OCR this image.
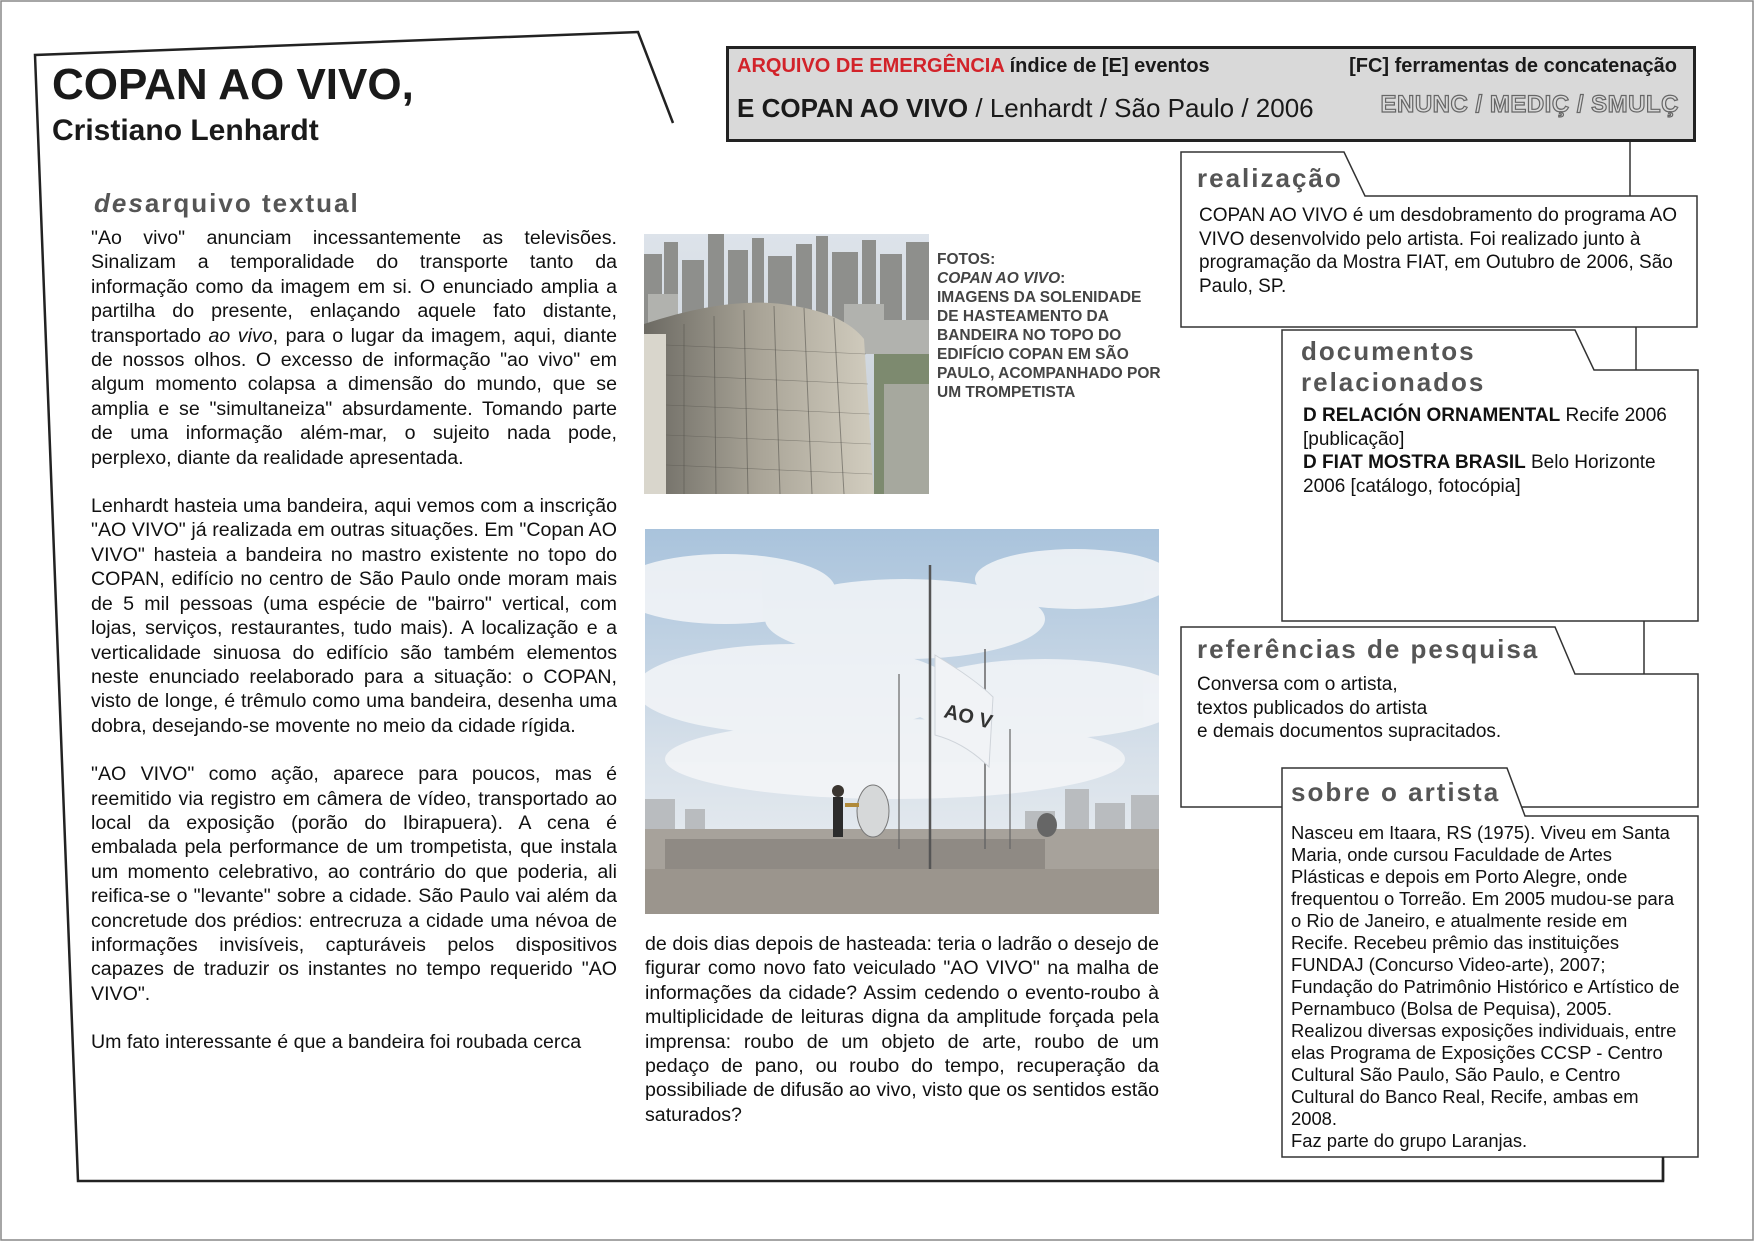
COPAN AO VIVO,
Cristiano Lenhardt
ARQUIVO DE EMERGÊNCIA índice de [E] eventos	[FC] ferramentas de concatenação
E COPAN AO VIVO / Lenhardt / São Paulo / 2006	ENUNC / MEDIÇ / SMULÇ
desarquivo textual

"Ao vivo" anunciam incessantemente as televisões. Sinalizam a temporalidade do transporte tanto da informação como da imagem em si. O enunciado amplia a partilha do presente, enlaçando aquele fato distante, transportado ao vivo, para o lugar da imagem, aqui, diante de nossos olhos. O excesso de informação "ao vivo" em algum momento colapsa a dimensão do mundo, que se amplia e se "simultaneiza" absurdamente. Tomando parte de uma informação além-mar, o sujeito nada pode, perplexo, diante da realidade apresentada.

Lenhardt hasteia uma bandeira, aqui vemos com a inscrição "AO VIVO" já realizada em outras situações. Em "Copan AO VIVO" hasteia a bandeira no mastro existente no topo do COPAN, edifício no centro de São Paulo onde moram mais de 5 mil pessoas (uma espécie de "bairro" vertical, com lojas, serviços, restaurantes, tudo mais). A localização e a verticalidade sinuosa do edifício são também elementos neste enunciado reelaborado para a situação: o COPAN, visto de longe, é trêmulo como uma bandeira, desenha uma dobra, desejando-se movente no meio da cidade rígida.

"AO VIVO" como ação, aparece para poucos, mas é reemitido via registro em câmera de vídeo, transportado ao local da exposição (porão do Ibirapuera). A cena é embalada pela performance de um trompetista, que instala um momento celebrativo, ao contrário do que poderia, ali reifica-se o "levante" sobre a cidade. São Paulo vai além da concretude dos prédios: entrecruza a cidade uma névoa de informações invisíveis, capturáveis pelos dispositivos capazes de traduzir os instantes no tempo requerido "AO VIVO".

Um fato interessante é que a bandeira foi roubada cerca

FOTOS:
COPAN AO VIVO:
IMAGENS DA SOLENIDADE DE HASTEAMENTO DA BANDEIRA NO TOPO DO EDIFÍCIO COPAN EM SÃO PAULO, ACOMPANHADO POR UM TROMPETISTA
AO V

de dois dias depois de hasteada: teria o ladrão o desejo de figurar como novo fato veiculado "AO VIVO" na malha de informações da cidade? Assim cedendo o evento-roubo à multiplicidade de leituras digna da amplitude forçada pela imprensa: roubo de um objeto de arte, roubo de um pedaço de pano, ou roubo do tempo, recuperação da possibiliade de difusão ao vivo, visto que os sentidos estão saturados?

realização
COPAN AO VIVO é um desdobramento do programa AO VIVO desenvolvido pelo artista. Foi realizado junto à programação da Mostra FIAT, em Outubro de 2006, São Paulo, SP.
documentos
relacionados
D RELACIÓN ORNAMENTAL Recife 2006 [publicação]
D FIAT MOSTRA BRASIL Belo Horizonte 2006 [catálogo, fotocópia]
referências de pesquisa
Conversa com o artista,
textos publicados do artista
e demais documentos supracitados.
sobre o artista
Nasceu em Itaara, RS (1975). Viveu em Santa Maria, onde cursou Faculdade de Artes Plásticas e depois em Porto Alegre, onde frequentou o Torreão. Em 2005 mudou-se para o Rio de Janeiro, e atualmente reside em Recife. Recebeu prêmio das instituições FUNDAJ (Concurso Video-arte), 2007; Fundação do Patrimônio Histórico e Artístico de Pernambuco (Bolsa de Pequisa), 2005. Realizou diversas exposições individuais, entre elas Programa de Exposições CCSP - Centro Cultural São Paulo, São Paulo, e Centro Cultural do Banco Real, Recife, ambas em 2008.
Faz parte do grupo Laranjas.
